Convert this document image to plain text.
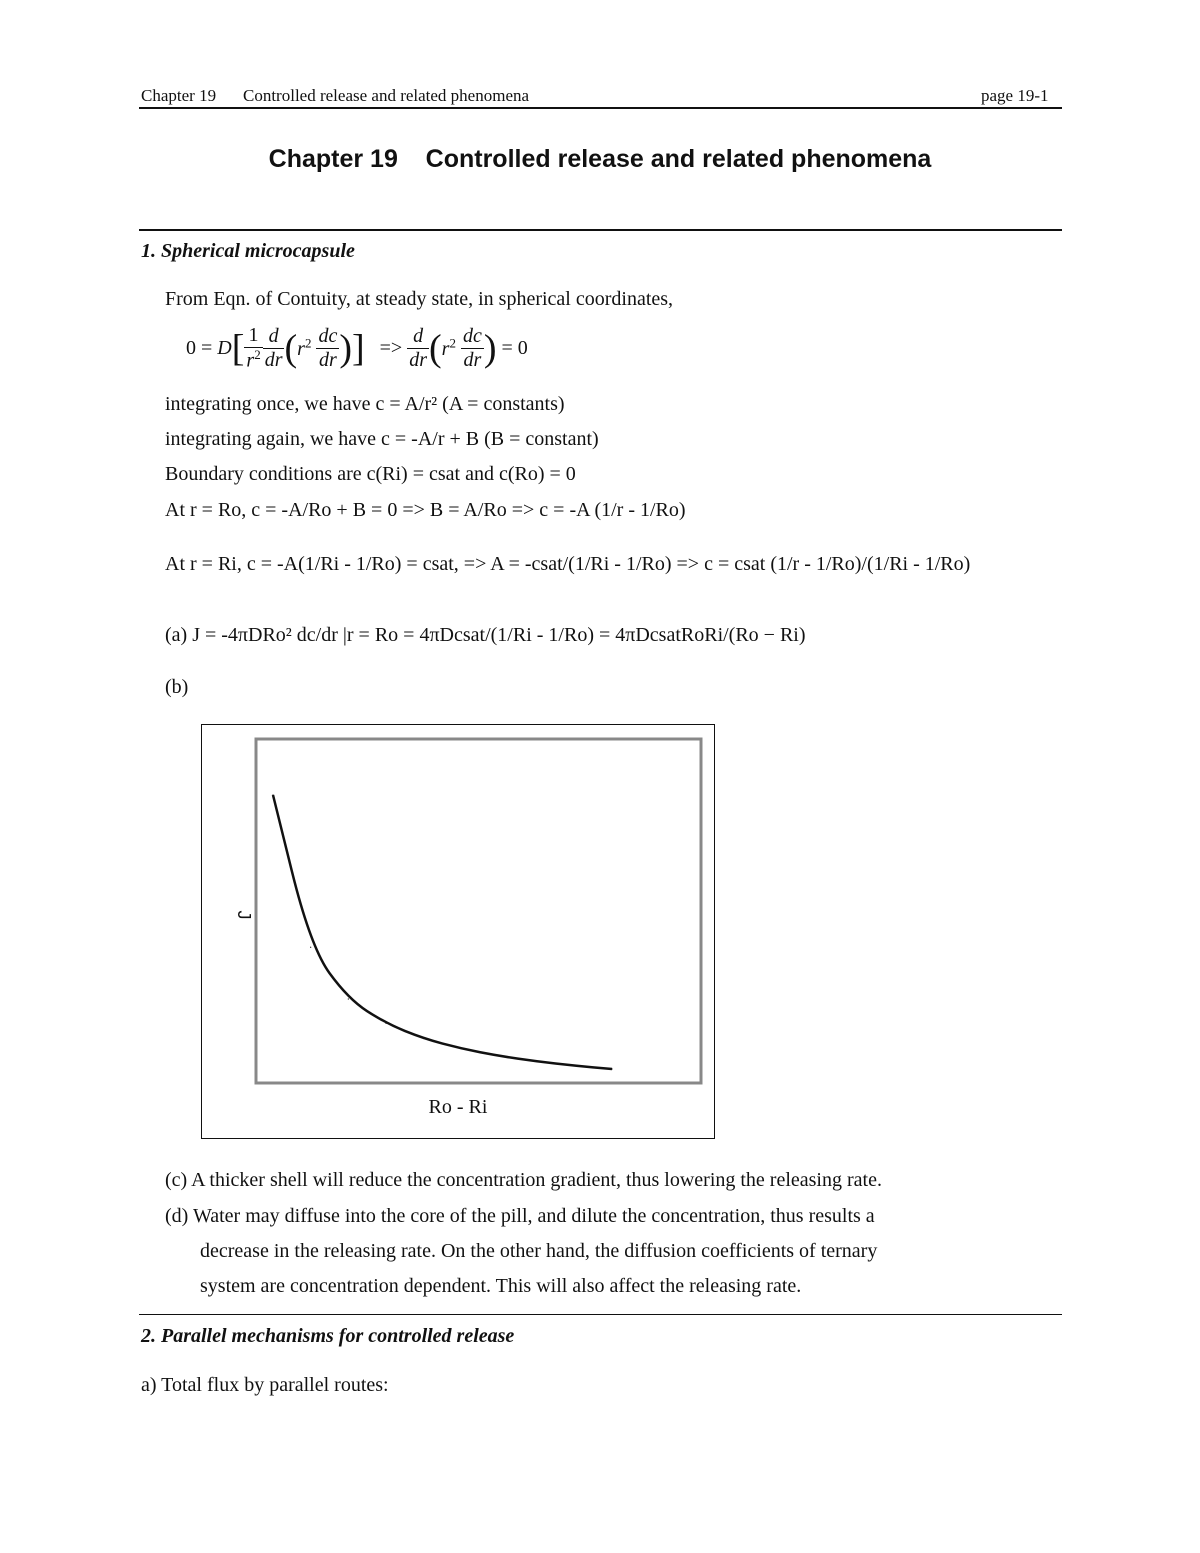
Chapter 19 Controlled release and related phenomena	page 19-1
Chapter 19    Controlled release and related phenomena
1. Spherical microcapsule
From Eqn. of Contuity, at steady state, in spherical coordinates,
$0 = D[ \frac{1}{r^2} \frac{d}{dr} (r^2 \frac{dc}{dr}$ )]   => $\frac{d}{dr} (r^2 \frac{dc}{dr}$ ) = 0
integrating once, we have c = A/r² (A = constants)
integrating again, we have c = -A/r + B (B = constant)
Boundary conditions are c(Ri) = csat and c(Ro) = 0
At r = Ro, c = -A/Ro + B = 0 => B = A/Ro => c = -A (1/r - 1/Ro)
At r = Ri, c = -A(1/Ri - 1/Ro) = csat, => A = -csat/(1/Ri - 1/Ro) => c = csat (1/r - 1/Ro)/(1/Ri - 1/Ro)
(a) J = -4πDRo² dc/dr |r = Ro = 4πDcsat/(1/Ri - 1/Ro) = 4πDcsatRoRi/(Ro − Ri)
(b)
J
Ro - Ri
(c) A thicker shell will reduce the concentration gradient, thus lowering the releasing rate.
(d) Water may diffuse into the core of the pill, and dilute the concentration, thus results a
decrease in the releasing rate. On the other hand, the diffusion coefficients of ternary
system are concentration dependent. This will also affect the releasing rate.
2. Parallel mechanisms for controlled release
a) Total flux by parallel routes:
